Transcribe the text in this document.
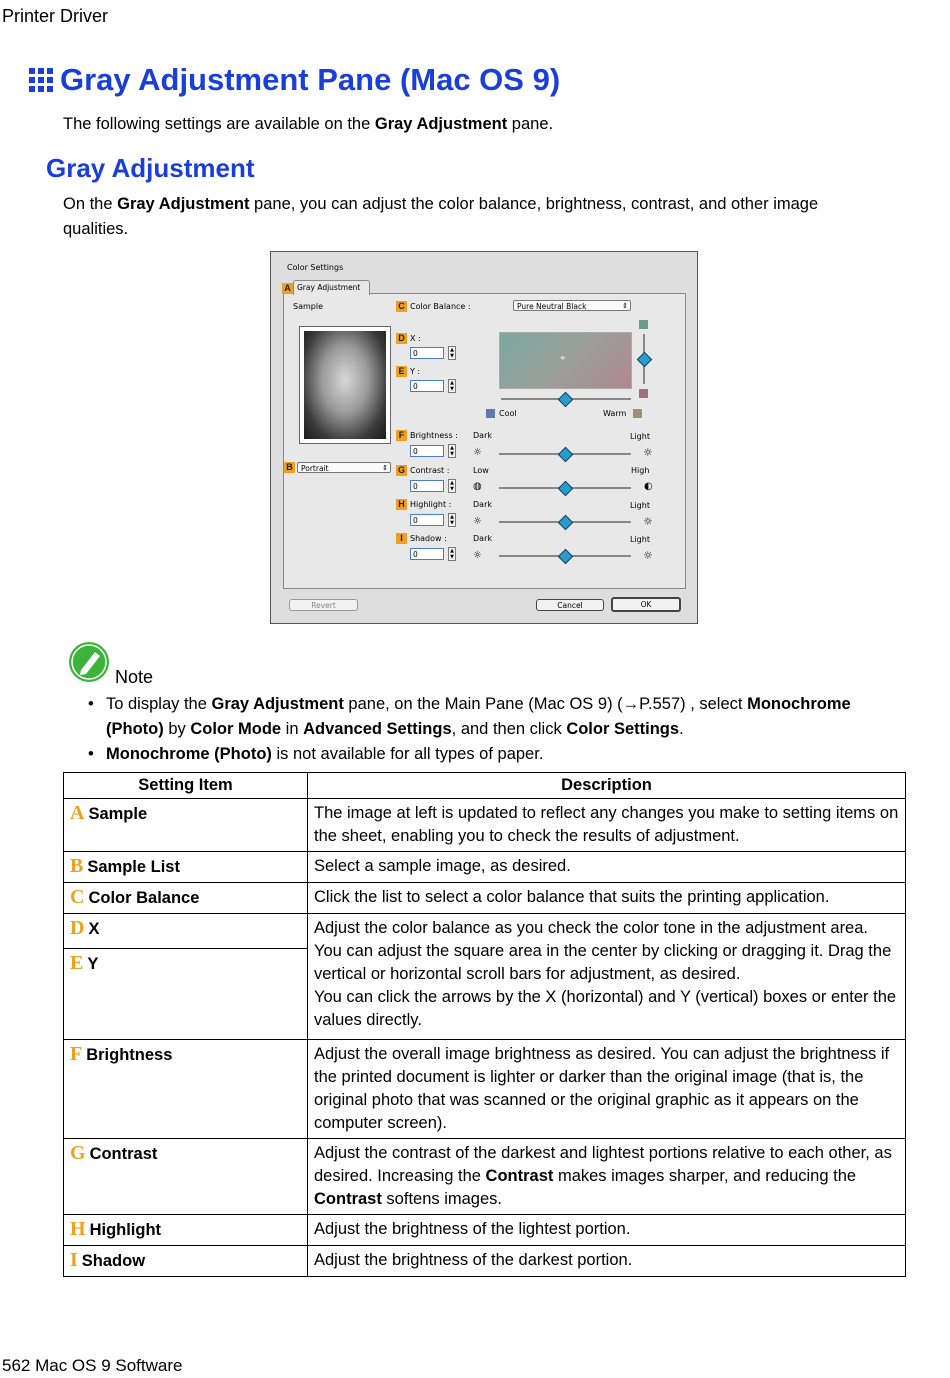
Printer Driver
Gray Adjustment Pane (Mac OS 9)
The following settings are available on the Gray Adjustment pane.
Gray Adjustment
On the Gray Adjustment pane, you can adjust the color balance, brightness, contrast, and other image qualities.
Color Settings
Gray Adjustment
A
Sample
B	Portrait ⇕
C Color Balance :	Pure Neutral Black ⇕
D X :
0	▲
▼
E Y :
0	▲
▼
⌖
Cool	Warm
F Brightness : Dark	Light
0	▲
▼ ☼	☼
G Contrast :	Low	High
0	▲
▼ ◍	◐
H Highlight :	Dark	Light
0	▲
▼ ☼	☼
I Shadow :	Dark	Light
0	▲
▼ ☼	☼
Revert	Cancel	OK
Note
• To display the Gray Adjustment pane, on the Main Pane (Mac OS 9) (→P.557) , select Monochrome (Photo) by Color Mode in Advanced Settings, and then click Color Settings.
• Monochrome (Photo) is not available for all types of paper.
Setting Item	Description
A Sample	The image at left is updated to reflect any changes you make to setting items on the sheet, enabling you to check the results of adjustment.
B Sample List	Select a sample image, as desired.
C Color Balance	Click the list to select a color balance that suits the printing application.
D X	Adjust the color balance as you check the color tone in the adjustment area. You can adjust the square area in the center by clicking or dragging it. Drag the vertical or horizontal scroll bars for adjustment, as desired.
You can click the arrows by the X (horizontal) and Y (vertical) boxes or enter the values directly.
E Y	
F Brightness	Adjust the overall image brightness as desired. You can adjust the brightness if the printed document is lighter or darker than the original image (that is, the original photo that was scanned or the original graphic as it appears on the computer screen).
G Contrast	Adjust the contrast of the darkest and lightest portions relative to each other, as desired. Increasing the Contrast makes images sharper, and reducing the Contrast softens images.
H Highlight	Adjust the brightness of the lightest portion.
I Shadow	Adjust the brightness of the darkest portion.
562 Mac OS 9 Software
